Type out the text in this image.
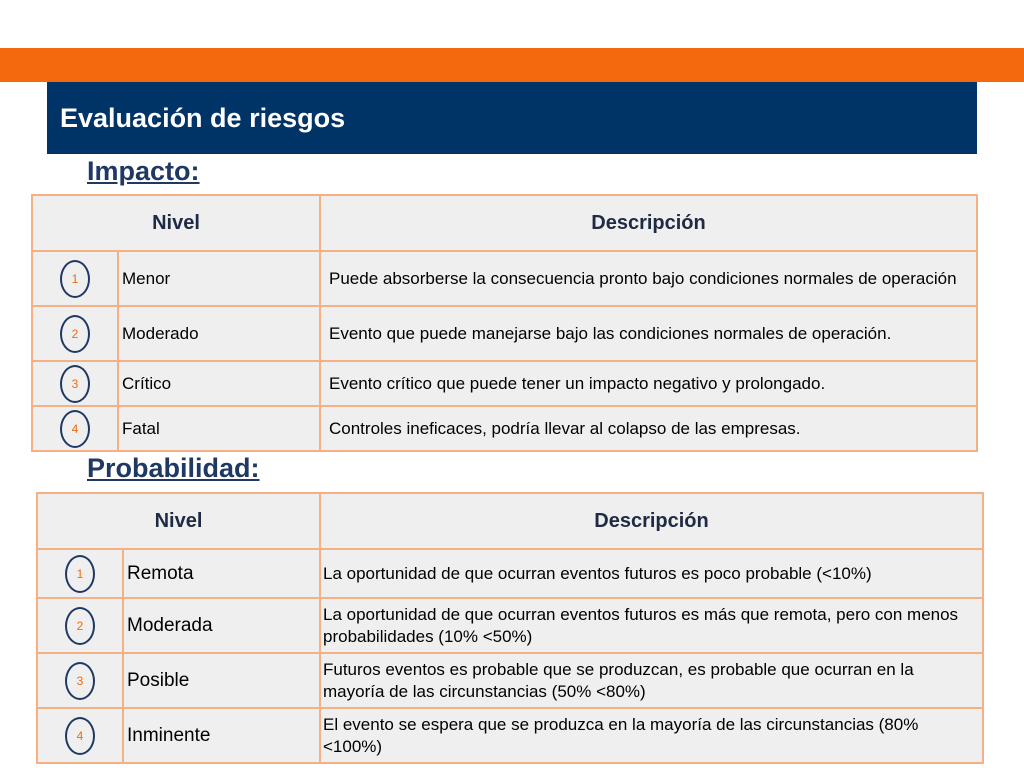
Evaluación de riesgos
Impacto:
Nivel		Descripción
1	Menor	Puede absorberse la consecuencia pronto bajo condiciones normales de operación
2	Moderado	Evento que puede manejarse bajo las condiciones normales de operación.
3	Crítico	Evento crítico que puede tener un impacto negativo y prolongado.
4	Fatal	Controles ineficaces, podría llevar al colapso de las empresas.
Probabilidad:
Nivel		Descripción
1	Remota	La oportunidad de que ocurran eventos futuros es poco probable (<10%)
2	Moderada	La oportunidad de que ocurran eventos futuros es más que remota, pero con menos probabilidades (10% <50%)
3	Posible	Futuros eventos es probable que se produzcan, es probable que ocurran en la mayoría de las circunstancias (50% <80%)
4	Inminente	El evento se espera que se produzca en la mayoría de las circunstancias (80% <100%)
